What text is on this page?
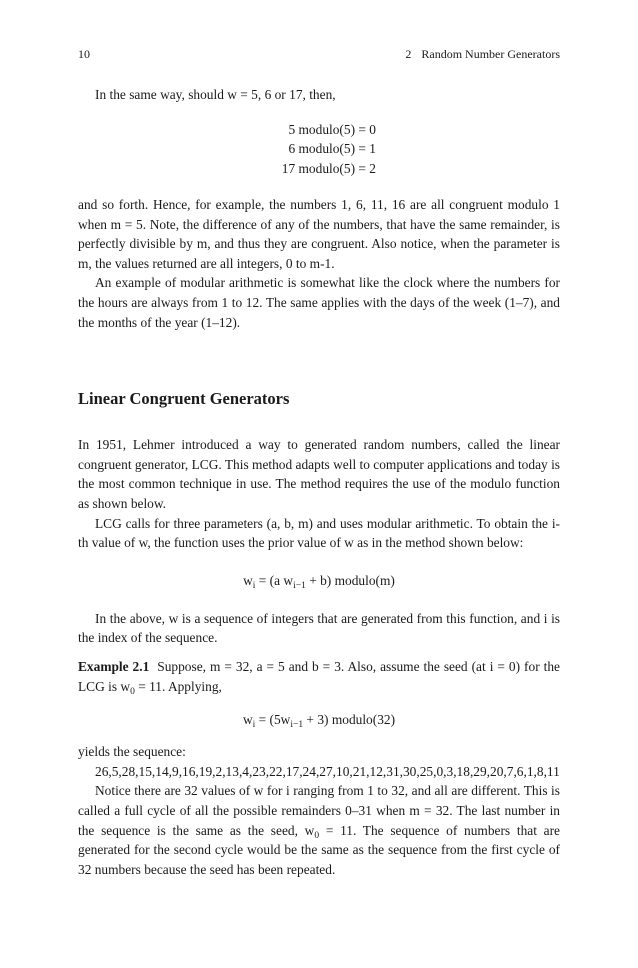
10	2 Random Number Generators

In the same way, should w = 5, 6 or 17, then,

5 modulo(5) = 0
6 modulo(5) = 1
17 modulo(5) = 2

and so forth. Hence, for example, the numbers 1, 6, 11, 16 are all congruent modulo 1 when m = 5. Note, the difference of any of the numbers, that have the same remainder, is perfectly divisible by m, and thus they are congruent. Also notice, when the parameter is m, the values returned are all integers, 0 to m-1.

An example of modular arithmetic is somewhat like the clock where the numbers for the hours are always from 1 to 12. The same applies with the days of the week (1–7), and the months of the year (1–12).

Linear Congruent Generators

In 1951, Lehmer introduced a way to generated random numbers, called the linear congruent generator, LCG. This method adapts well to computer applications and today is the most common technique in use. The method requires the use of the modulo function as shown below.

LCG calls for three parameters (a, b, m) and uses modular arithmetic. To obtain the i-th value of w, the function uses the prior value of w as in the method shown below:

$w_i = (a$ $w_{i-1} + b$) modulo(m)

In the above, w is a sequence of integers that are generated from this function, and i is the index of the sequence.

Example 2.1 Suppose, m = 32, a = 5 and b = 3. Also, assume the seed (at i = 0) for the LCG is $w_0 = 11$. Applying,

$w_i = (5w_{i-1} + 3)$ modulo(32)

yields the sequence:

26,5,28,15,14,9,16,19,2,13,4,23,22,17,24,27,10,21,12,31,30,25,0,3,18,29,20,7,6,1,8,11

Notice there are 32 values of w for i ranging from 1 to 32, and all are different. This is called a full cycle of all the possible remainders 0–31 when m = 32. The last number in the sequence is the same as the seed, $w_0 = 11$. The sequence of numbers that are generated for the second cycle would be the same as the sequence from the first cycle of 32 numbers because the seed has been repeated.
